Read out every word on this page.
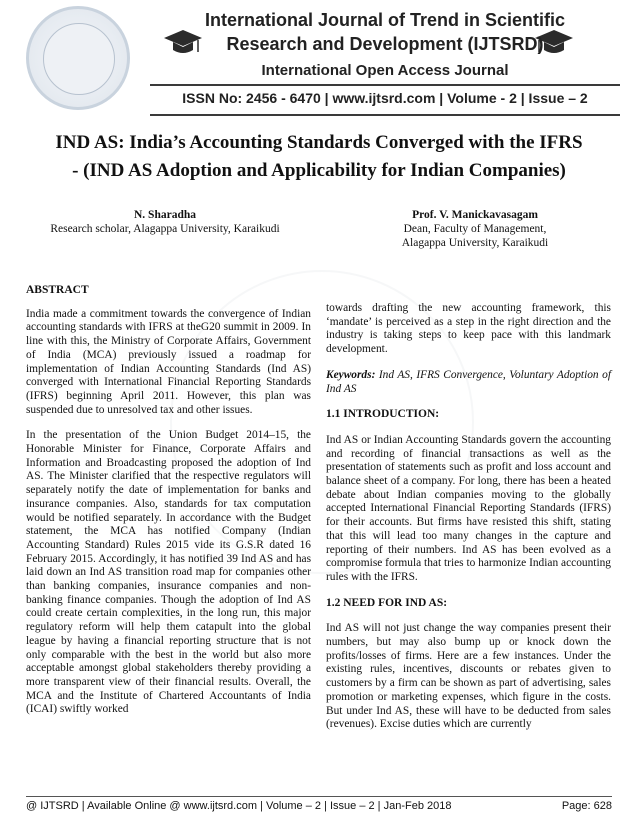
International Journal of Trend in Scientific
Research and Development (IJTSRD)
International Open Access Journal
ISSN No: 2456 - 6470 | www.ijtsrd.com | Volume - 2 | Issue – 2
IND AS: India’s Accounting Standards Converged with the IFRS
- (IND AS Adoption and Applicability for Indian Companies)
N. Sharadha
Research scholar, Alagappa University, Karaikudi
Prof. V. Manickavasagam
Dean, Faculty of Management,
Alagappa University, Karaikudi
ABSTRACT

India made a commitment towards the convergence of Indian accounting standards with IFRS at theG20 summit in 2009. In line with this, the Ministry of Corporate Affairs, Government of India (MCA) previously issued a roadmap for implementation of Indian Accounting Standards (Ind AS) converged with International Financial Reporting Standards (IFRS) beginning April 2011. However, this plan was suspended due to unresolved tax and other issues.

In the presentation of the Union Budget 2014–15, the Honorable Minister for Finance, Corporate Affairs and Information and Broadcasting proposed the adoption of Ind AS. The Minister clarified that the respective regulators will separately notify the date of implementation for banks and insurance companies. Also, standards for tax computation would be notified separately. In accordance with the Budget statement, the MCA has notified Company (Indian Accounting Standard) Rules 2015 vide its G.S.R dated 16 February 2015. Accordingly, it has notified 39 Ind AS and has laid down an Ind AS transition road map for companies other than banking companies, insurance companies and non- banking finance companies. Though the adoption of Ind AS could create certain complexities, in the long run, this major regulatory reform will help them catapult into the global league by having a financial reporting structure that is not only comparable with the best in the world but also more acceptable amongst global stakeholders thereby providing a more transparent view of their financial results. Overall, the MCA and the Institute of Chartered Accountants of India (ICAI) swiftly worked

towards drafting the new accounting framework, this ‘mandate’ is perceived as a step in the right direction and the industry is taking steps to keep pace with this landmark development.

Keywords: Ind AS, IFRS Convergence, Voluntary Adoption of Ind AS

1.1 INTRODUCTION:

Ind AS or Indian Accounting Standards govern the accounting and recording of financial transactions as well as the presentation of statements such as profit and loss account and balance sheet of a company. For long, there has been a heated debate about Indian companies moving to the globally accepted International Financial Reporting Standards (IFRS) for their accounts. But firms have resisted this shift, stating that this will lead too many changes in the capture and reporting of their numbers. Ind AS has been evolved as a compromise formula that tries to harmonize Indian accounting rules with the IFRS.

1.2 NEED FOR IND AS:

Ind AS will not just change the way companies present their numbers, but may also bump up or knock down the profits/losses of firms. Here are a few instances. Under the existing rules, incentives, discounts or rebates given to customers by a firm can be shown as part of advertising, sales promotion or marketing expenses, which figure in the costs. But under Ind AS, these will have to be deducted from sales (revenues). Excise duties which are currently

@ IJTSRD | Available Online @ www.ijtsrd.com | Volume – 2 | Issue – 2 | Jan-Feb 2018	Page: 628
